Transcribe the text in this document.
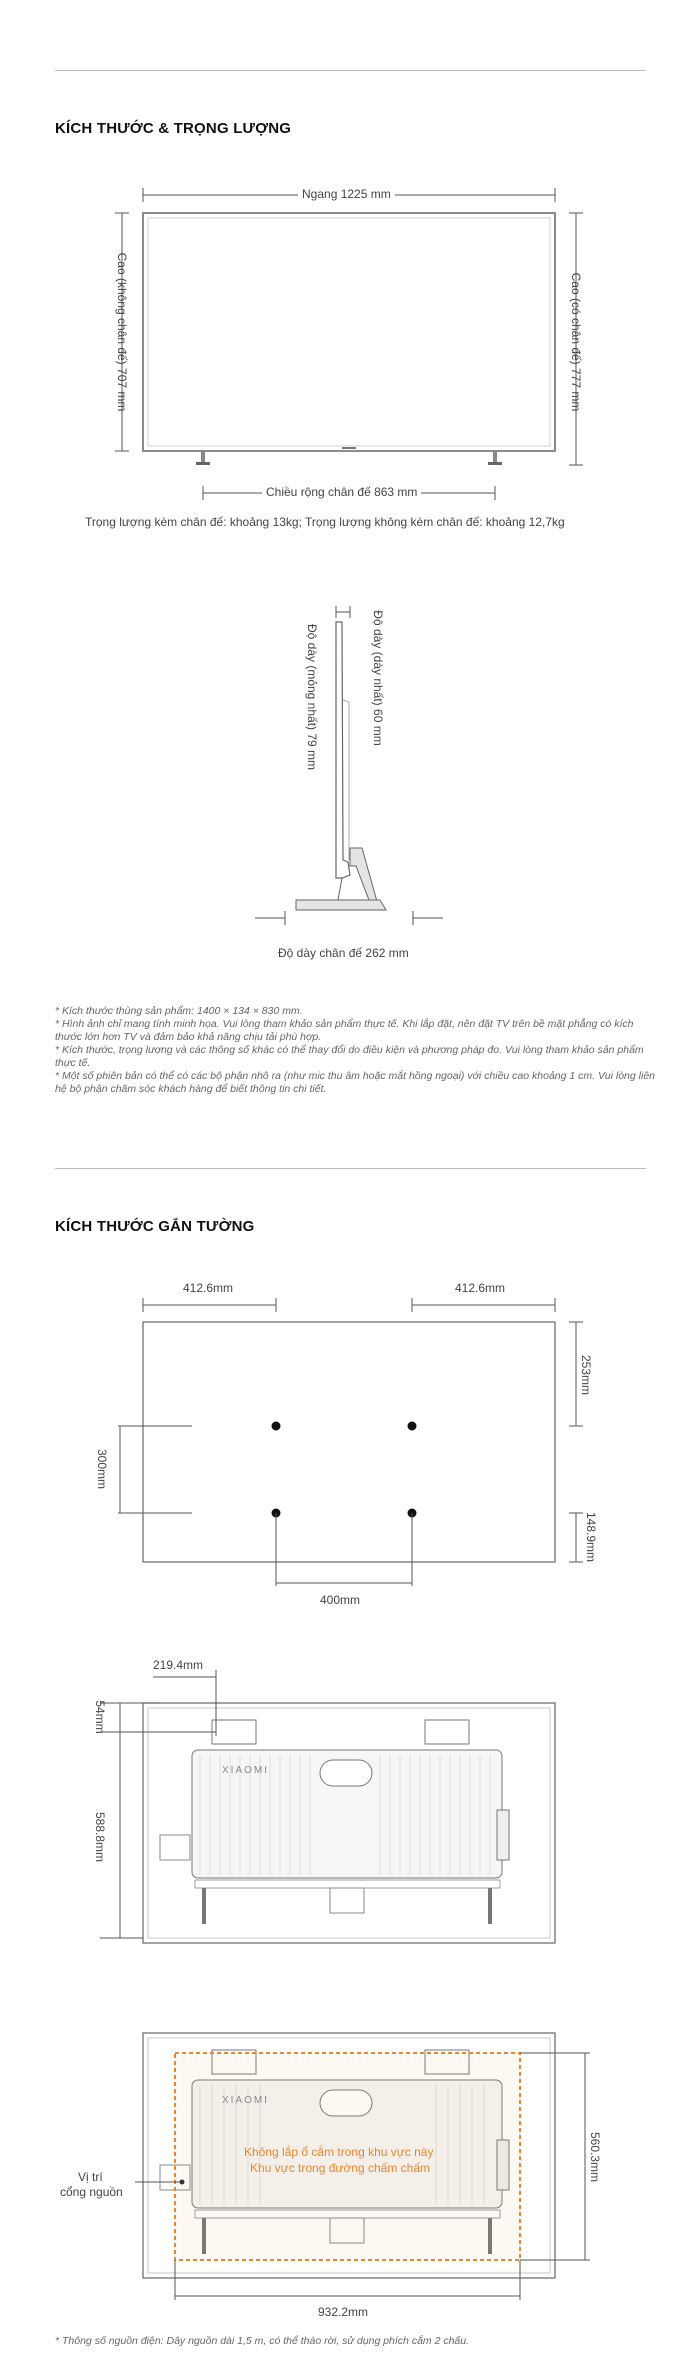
KÍCH THƯỚC & TRỌNG LƯỢNG
Ngang 1225 mm
Cao (không chân đế) 707 mm	Cao (có chân đế) 777 mm
Chiều rộng chân đế 863 mm
Trọng lượng kèm chân đế: khoảng 13kg; Trọng lượng không kèm chân đế: khoảng 12,7kg
Độ dày (mỏng nhất) 79 mm	Độ dày (dày nhất) 60 mm
Độ dày chân đế 262 mm

* Kích thước thùng sản phẩm: 1400 × 134 × 830 mm.

* Hình ảnh chỉ mang tính minh họa. Vui lòng tham khảo sản phẩm thực tế. Khi lắp đặt, nên đặt TV trên bề mặt phẳng có kích thước lớn hơn TV và đảm bảo khả năng chịu tải phù hợp.

* Kích thước, trọng lượng và các thông số khác có thể thay đổi do điều kiện và phương pháp đo. Vui lòng tham khảo sản phẩm thực tế.

* Một số phiên bản có thể có các bộ phận nhô ra (như mic thu âm hoặc mắt hồng ngoại) với chiều cao khoảng 1 cm. Vui lòng liên hệ bộ phận chăm sóc khách hàng để biết thông tin chi tiết.

KÍCH THƯỚC GẮN TƯỜNG
412.6mm	412.6mm
253mm
300mm
148.9mm
400mm
XIAOMI
219.4mm
54mm
588.8mm
XIAOMI
Không lắp ổ cắm trong khu vực này
Khu vực trong đường chấm chấm
Vị trí
cổng nguồn
560.3mm
932.2mm
* Thông số nguồn điện: Dây nguồn dài 1,5 m, có thể tháo rời, sử dụng phích cắm 2 chấu.
